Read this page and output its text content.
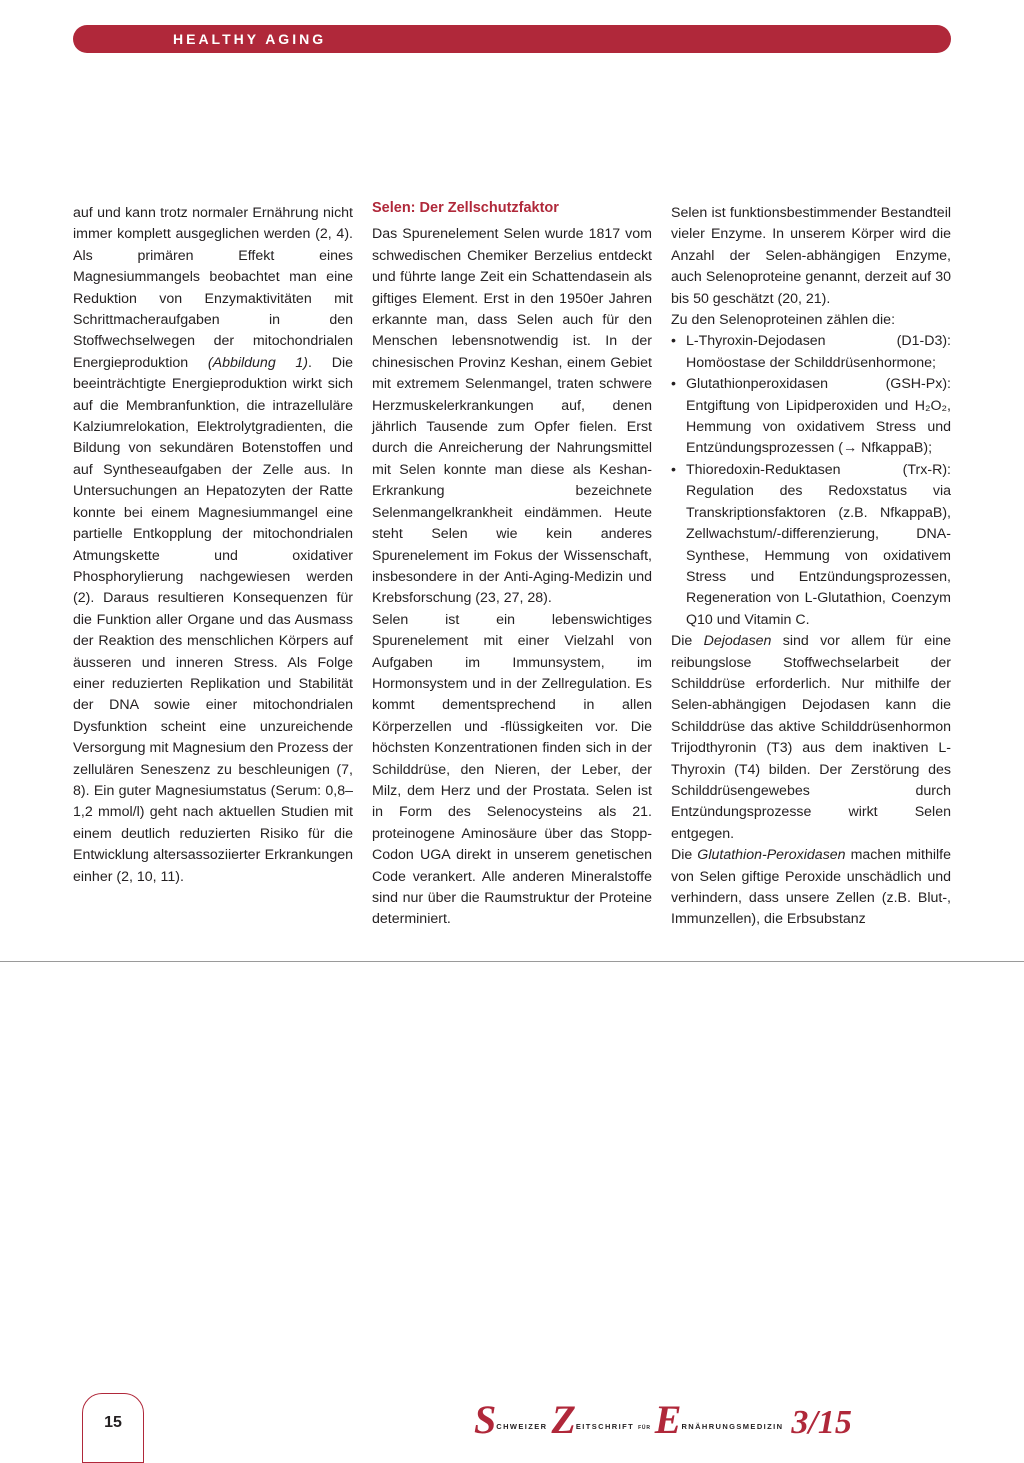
HEALTHY AGING

auf und kann trotz normaler Ernährung nicht immer komplett ausgeglichen werden (2, 4). Als primären Effekt eines Magnesiummangels beobachtet man eine Reduktion von Enzymaktivitäten mit Schrittmacheraufgaben in den Stoffwechselwegen der mitochondrialen Energieproduktion (Abbildung 1). Die beeinträchtigte Energieproduktion wirkt sich auf die Membranfunktion, die intrazelluläre Kalziumrelokation, Elektrolytgradienten, die Bildung von sekundären Botenstoffen und auf Syntheseaufgaben der Zelle aus. In Untersuchungen an Hepatozyten der Ratte konnte bei einem Magnesiummangel eine partielle Entkopplung der mitochondrialen Atmungskette und oxidativer Phosphorylierung nachgewiesen werden (2). Daraus resultieren Konsequenzen für die Funktion aller Organe und das Ausmass der Reaktion des menschlichen Körpers auf äusseren und inneren Stress. Als Folge einer reduzierten Replikation und Stabilität der DNA sowie einer mitochondrialen Dysfunktion scheint eine unzureichende Versorgung mit Magnesium den Prozess der zellulären Seneszenz zu beschleunigen (7, 8). Ein guter Magnesiumstatus (Serum: 0,8–1,2 mmol/l) geht nach aktuellen Studien mit einem deutlich reduzierten Risiko für die Entwicklung altersassoziierter Erkrankungen einher (2, 10, 11).

Selen: Der Zellschutzfaktor

Das Spurenelement Selen wurde 1817 vom schwedischen Chemiker Berzelius entdeckt und führte lange Zeit ein Schattendasein als giftiges Element. Erst in den 1950er Jahren erkannte man, dass Selen auch für den Menschen lebensnotwendig ist. In der chinesischen Provinz Keshan, einem Gebiet mit extremem Selenmangel, traten schwere Herzmuskelerkrankungen auf, denen jährlich Tausende zum Opfer fielen. Erst durch die Anreicherung der Nahrungsmittel mit Selen konnte man diese als Keshan-Erkrankung bezeichnete Selenmangelkrankheit eindämmen. Heute steht Selen wie kein anderes Spurenelement im Fokus der Wissenschaft, insbesondere in der Anti-Aging-Medizin und Krebsforschung (23, 27, 28).

Selen ist ein lebenswichtiges Spurenelement mit einer Vielzahl von Aufgaben im Immunsystem, im Hormonsystem und in der Zellregulation. Es kommt dementsprechend in allen Körperzellen und -flüssigkeiten vor. Die höchsten Konzentrationen finden sich in der Schilddrüse, den Nieren, der Leber, der Milz, dem Herz und der Prostata. Selen ist in Form des Selenocysteins als 21. proteinogene Aminosäure über das Stopp-Codon UGA direkt in unserem genetischen Code verankert. Alle anderen Mineralstoffe sind nur über die Raumstruktur der Proteine determiniert.

Selen ist funktionsbestimmender Bestandteil vieler Enzyme. In unserem Körper wird die Anzahl der Selen-abhängigen Enzyme, auch Selenoproteine genannt, derzeit auf 30 bis 50 geschätzt (20, 21).

Zu den Selenoproteinen zählen die:

• L-Thyroxin-Dejodasen (D1-D3): Homöostase der Schilddrüsenhormone;
• Glutathionperoxidasen (GSH-Px): Entgiftung von Lipidperoxiden und H₂O₂, Hemmung von oxidativem Stress und Entzündungsprozessen (→ NfkappaB);
• Thioredoxin-Reduktasen (Trx-R): Regulation des Redoxstatus via Transkriptionsfaktoren (z.B. NfkappaB), Zellwachstum/-differenzierung, DNA-Synthese, Hemmung von oxidativem Stress und Entzündungsprozessen, Regeneration von L-Glutathion, Coenzym Q10 und Vitamin C.

Die Dejodasen sind vor allem für eine reibungslose Stoffwechselarbeit der Schilddrüse erforderlich. Nur mithilfe der Selen-abhängigen Dejodasen kann die Schilddrüse das aktive Schilddrüsenhormon Trijodthyronin (T3) aus dem inaktiven L-Thyroxin (T4) bilden. Der Zerstörung des Schilddrüsengewebes durch Entzündungsprozesse wirkt Selen entgegen.

Die Glutathion-Peroxidasen machen mithilfe von Selen giftige Peroxide unschädlich und verhindern, dass unsere Zellen (z.B. Blut-, Immunzellen), die Erbsubstanz

15	$S^{CHWEIZER}$ $Z^{EITSCHRIFT}$ $^{FÜR}$ $E^{RNÄHRUNGSMEDIZIN}$ 3/15
